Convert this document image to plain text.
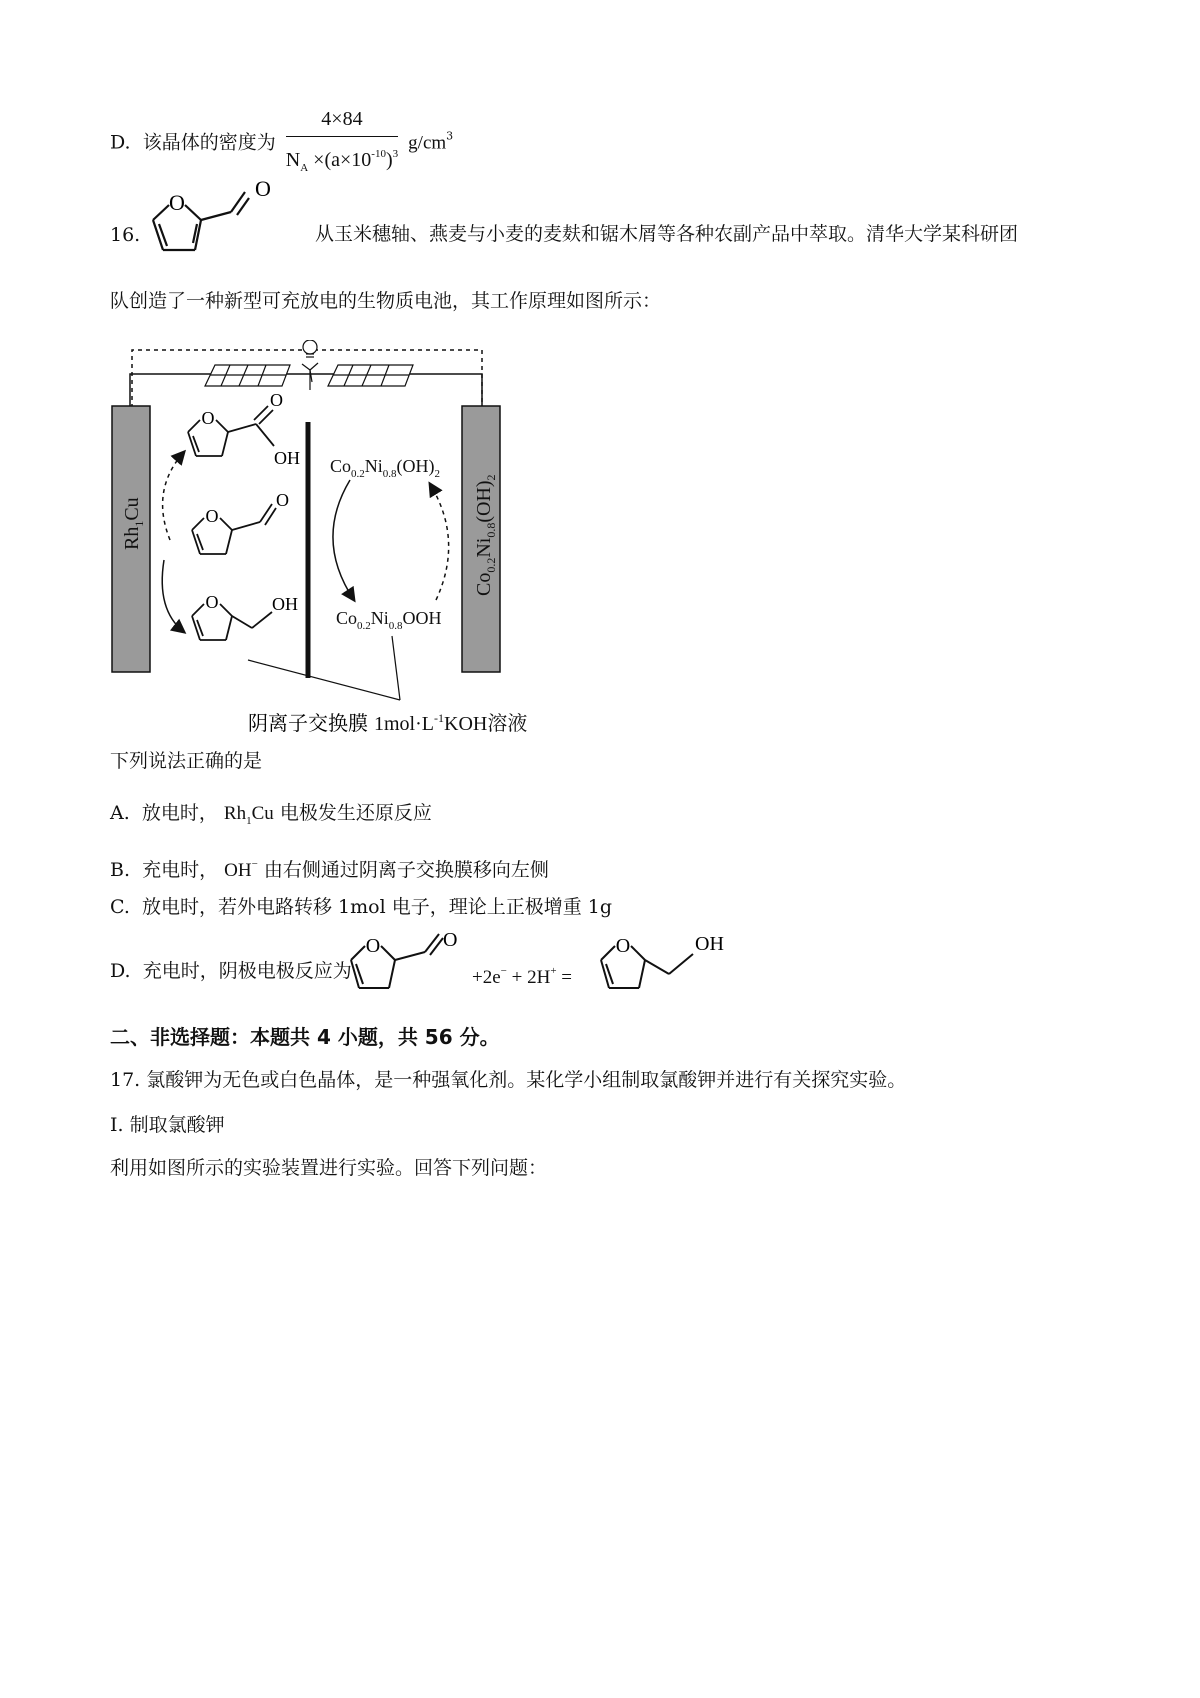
D. 该晶体的密度为 $\frac{4\times 84}{N_A \times(a\times 10^{-10})^3} g/cm^3$
16.
O
O
从玉米穗轴、燕麦与小麦的麦麸和锯木屑等各种农副产品中萃取。清华大学某科研团
队创造了一种新型可充放电的生物质电池，其工作原理如图所示：
$Rh_1Cu$
$Co_{0.2}Ni_{0.8}(OH)_2$
O
O
OH
O
O
O	OH
$Co_{0.2}Ni_{0.8}(OH)_2$
$Co_{0.2}Ni_{0.8}OOH$
阴离子交换膜 $1mol\cdot L^{-1}KOH$溶液
下列说法正确的是
A. 放电时， $Rh_1Cu$ 电极发生还原反应
B. 充电时， OH− 由右侧通过阴离子交换膜移向左侧
C. 放电时，若外电路转移 1mol 电子，理论上正极增重 1g
D. 充电时，阴极电极反应为
O	O
+2e− + 2H+ =
O	OH
二、非选择题：本题共 4 小题，共 56 分。
17. 氯酸钾为无色或白色晶体，是一种强氧化剂。某化学小组制取氯酸钾并进行有关探究实验。
I. 制取氯酸钾
利用如图所示的实验装置进行实验。回答下列问题：
